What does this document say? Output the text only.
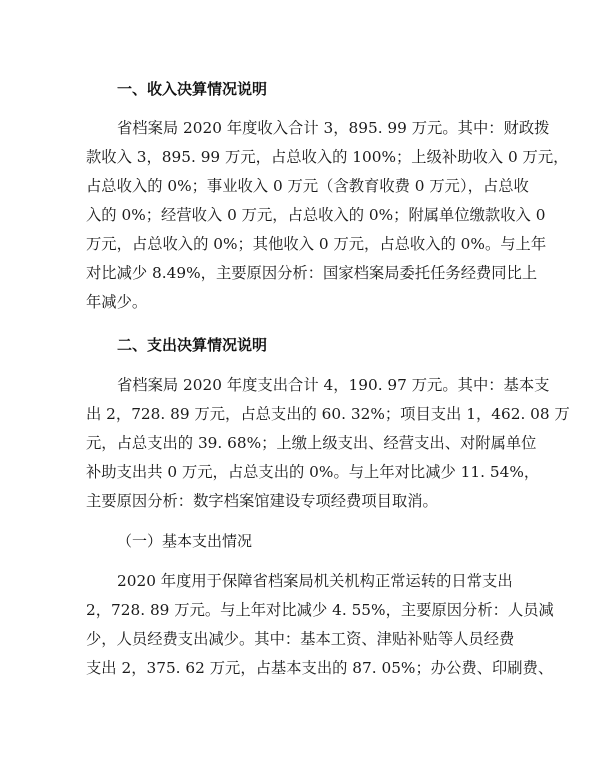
一、收入决算情况说明
省档案局 2020 年度收入合计 3，895. 99 万元。其中：财政拨
款收入 3，895. 99 万元，占总收入的 100%；上级补助收入 0 万元，
占总收入的 0%；事业收入 0 万元（含教育收费 0 万元），占总收
入的 0%；经营收入 0 万元，占总收入的 0%；附属单位缴款收入 0
万元，占总收入的 0%；其他收入 0 万元，占总收入的 0%。与上年
对比减少 8.49%，主要原因分析：国家档案局委托任务经费同比上
年减少。
二、支出决算情况说明
省档案局 2020 年度支出合计 4，190. 97 万元。其中：基本支
出 2，728. 89 万元，占总支出的 60. 32%；项目支出 1，462. 08 万
元，占总支出的 39. 68%；上缴上级支出、经营支出、对附属单位
补助支出共 0 万元，占总支出的 0%。与上年对比减少 11. 54%，
主要原因分析：数字档案馆建设专项经费项目取消。
（一）基本支出情况
2020 年度用于保障省档案局机关机构正常运转的日常支出
2，728. 89 万元。与上年对比减少 4. 55%，主要原因分析：人员减
少，人员经费支出减少。其中：基本工资、津贴补贴等人员经费
支出 2，375. 62 万元，占基本支出的 87. 05%；办公费、印刷费、
